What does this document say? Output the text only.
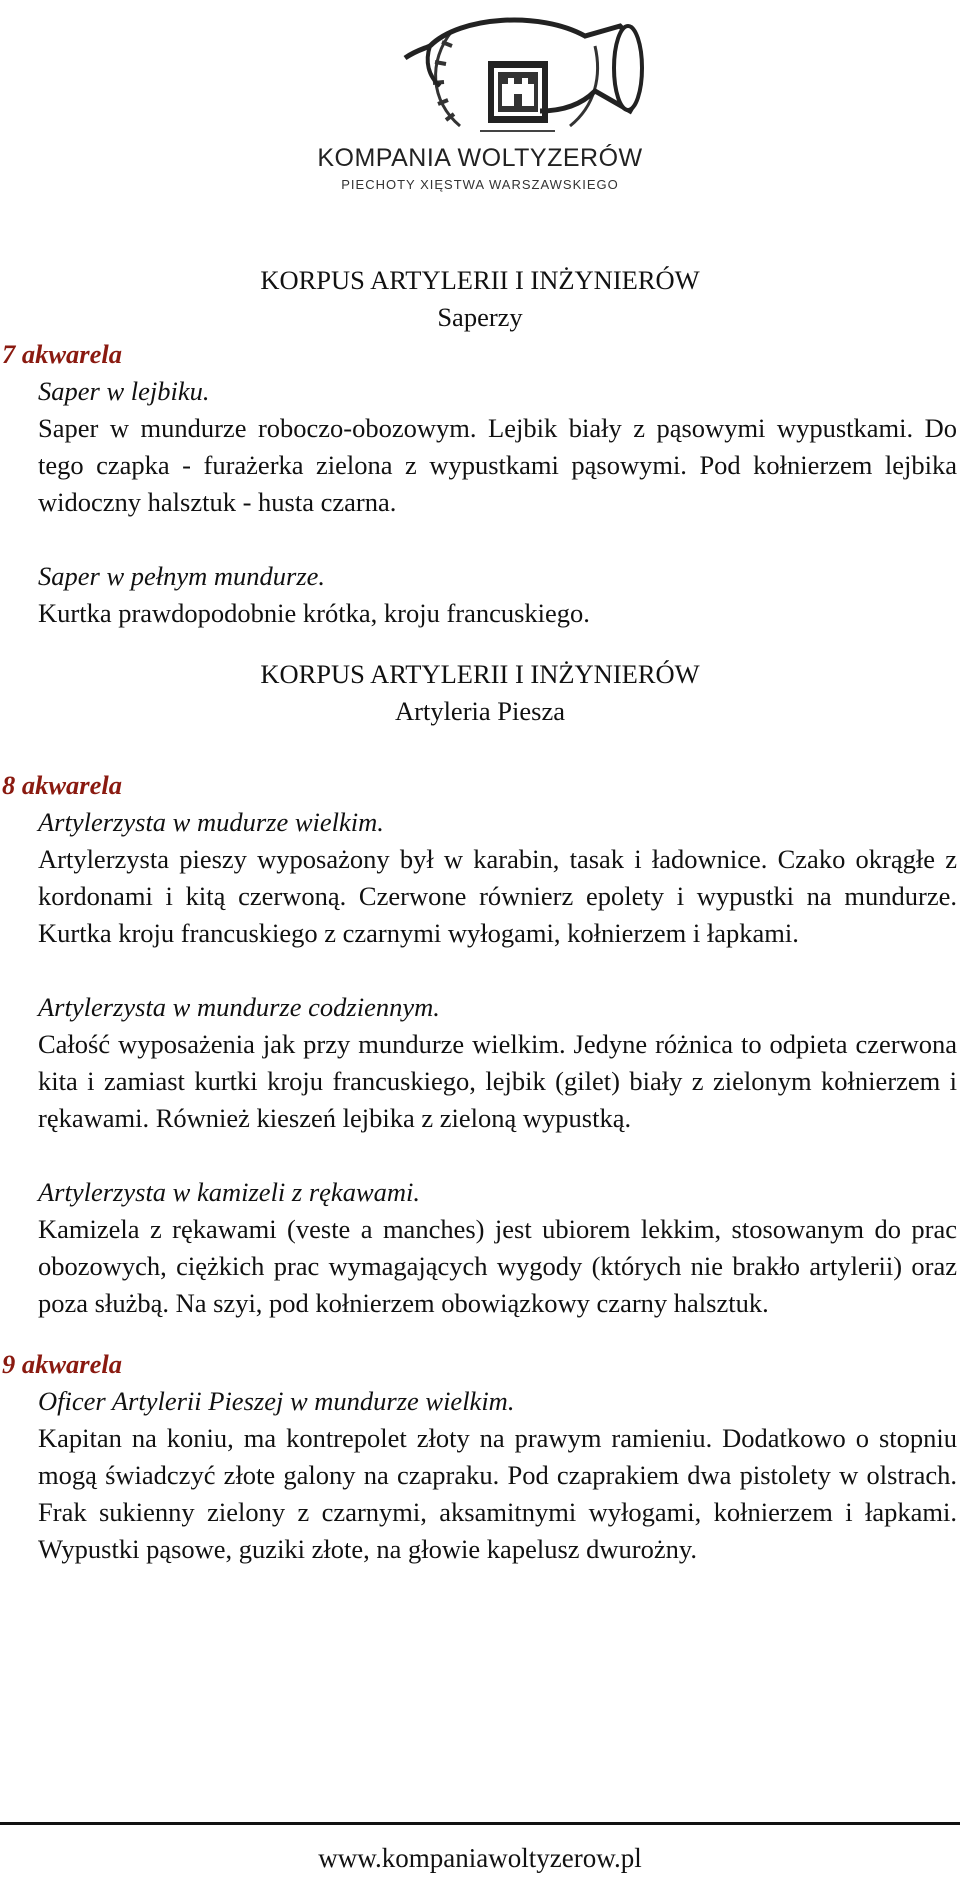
KOMPANIA WOLTYZERÓW
PIECHOTY XIĘSTWA WARSZAWSKIEGO
KORPUS ARTYLERII I INŻYNIERÓW

Saperzy

7 akwarela

Saper w lejbiku.

Saper w mundurze roboczo-obozowym. Lejbik biały z pąsowymi wypustkami. Do tego czapka - furażerka zielona z wypustkami pąsowymi. Pod kołnierzem lejbika widoczny halsztuk - husta czarna.

Saper w pełnym mundurze.

Kurtka prawdopodobnie krótka, kroju francuskiego.

KORPUS ARTYLERII I INŻYNIERÓW

Artyleria Piesza

8 akwarela

Artylerzysta w mudurze wielkim.

Artylerzysta pieszy wyposażony był w karabin, tasak i ładownice. Czako okrągłe z kordonami i kitą czerwoną. Czerwone równierz epolety i wypustki na mundurze. Kurtka kroju francuskiego z czarnymi wyłogami, kołnierzem i łapkami.

Artylerzysta w mundurze codziennym.

Całość wyposażenia jak przy mundurze wielkim. Jedyne różnica to odpieta czerwona kita i zamiast kurtki kroju francuskiego, lejbik (gilet) biały z zielonym kołnierzem i rękawami. Również kieszeń lejbika z zieloną wypustką.

Artylerzysta w kamizeli z rękawami.

Kamizela z rękawami (veste a manches) jest ubiorem lekkim, stosowanym do prac obozowych, ciężkich prac wymagających wygody (których nie brakło artylerii) oraz poza służbą. Na szyi, pod kołnierzem obowiązkowy czarny halsztuk.

9 akwarela

Oficer Artylerii Pieszej w mundurze wielkim.

Kapitan na koniu, ma kontrepolet złoty na prawym ramieniu. Dodatkowo o stopniu mogą świadczyć złote galony na czapraku. Pod czaprakiem dwa pistolety w olstrach. Frak sukienny zielony z czarnymi, aksamitnymi wyłogami, kołnierzem i łapkami. Wypustki pąsowe, guziki złote, na głowie kapelusz dwurożny.

www.kompaniawoltyzerow.pl
